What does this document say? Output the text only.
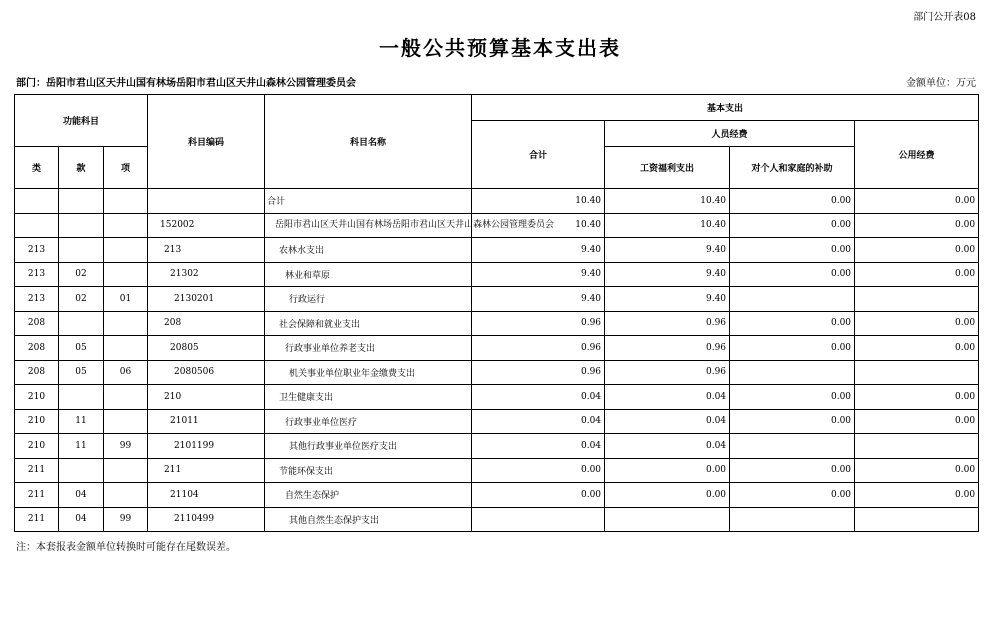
部门公开表08
一般公共预算基本支出表
部门：岳阳市君山区天井山国有林场岳阳市君山区天井山森林公园管理委员会	金额单位：万元
功能科目			科目编码	科目名称	基本支出			
					合计	人员经费		公用经费
类	款	项				工资福利支出	对个人和家庭的补助	
				合计	10.40	10.40	0.00	0.00
			152002	岳阳市君山区天井山国有林场岳阳市君山区天井山森林公园管理委员会	10.40	10.40	0.00	0.00
213			213	农林水支出	9.40	9.40	0.00	0.00
213	02		21302	林业和草原	9.40	9.40	0.00	0.00
213	02	01	2130201	行政运行	9.40	9.40		
208			208	社会保障和就业支出	0.96	0.96	0.00	0.00
208	05		20805	行政事业单位养老支出	0.96	0.96	0.00	0.00
208	05	06	2080506	机关事业单位职业年金缴费支出	0.96	0.96		
210			210	卫生健康支出	0.04	0.04	0.00	0.00
210	11		21011	行政事业单位医疗	0.04	0.04	0.00	0.00
210	11	99	2101199	其他行政事业单位医疗支出	0.04	0.04		
211			211	节能环保支出	0.00	0.00	0.00	0.00
211	04		21104	自然生态保护	0.00	0.00	0.00	0.00
211	04	99	2110499	其他自然生态保护支出				
注：本套报表金额单位转换时可能存在尾数误差。
